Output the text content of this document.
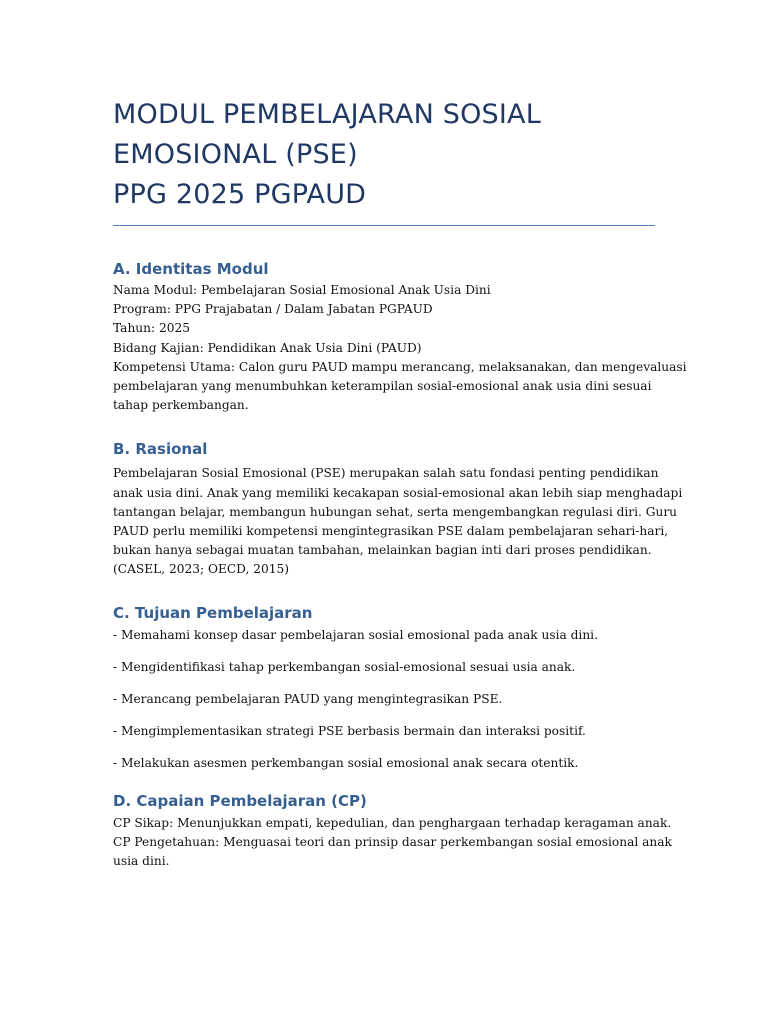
MODUL PEMBELAJARAN SOSIAL
EMOSIONAL (PSE)
PPG 2025 PGPAUD
A. Identitas Modul

Nama Modul: Pembelajaran Sosial Emosional Anak Usia Dini
Program: PPG Prajabatan / Dalam Jabatan PGPAUD
Tahun: 2025
Bidang Kajian: Pendidikan Anak Usia Dini (PAUD)
Kompetensi Utama: Calon guru PAUD mampu merancang, melaksanakan, dan mengevaluasi
pembelajaran yang menumbuhkan keterampilan sosial-emosional anak usia dini sesuai
tahap perkembangan.

B. Rasional

Pembelajaran Sosial Emosional (PSE) merupakan salah satu fondasi penting pendidikan
anak usia dini. Anak yang memiliki kecakapan sosial-emosional akan lebih siap menghadapi
tantangan belajar, membangun hubungan sehat, serta mengembangkan regulasi diri. Guru
PAUD perlu memiliki kompetensi mengintegrasikan PSE dalam pembelajaran sehari-hari,
bukan hanya sebagai muatan tambahan, melainkan bagian inti dari proses pendidikan.
(CASEL, 2023; OECD, 2015)

C. Tujuan Pembelajaran
- Memahami konsep dasar pembelajaran sosial emosional pada anak usia dini.
- Mengidentifikasi tahap perkembangan sosial-emosional sesuai usia anak.
- Merancang pembelajaran PAUD yang mengintegrasikan PSE.
- Mengimplementasikan strategi PSE berbasis bermain dan interaksi positif.
- Melakukan asesmen perkembangan sosial emosional anak secara otentik.
D. Capaian Pembelajaran (CP)

CP Sikap: Menunjukkan empati, kepedulian, dan penghargaan terhadap keragaman anak.
CP Pengetahuan: Menguasai teori dan prinsip dasar perkembangan sosial emosional anak
usia dini.
